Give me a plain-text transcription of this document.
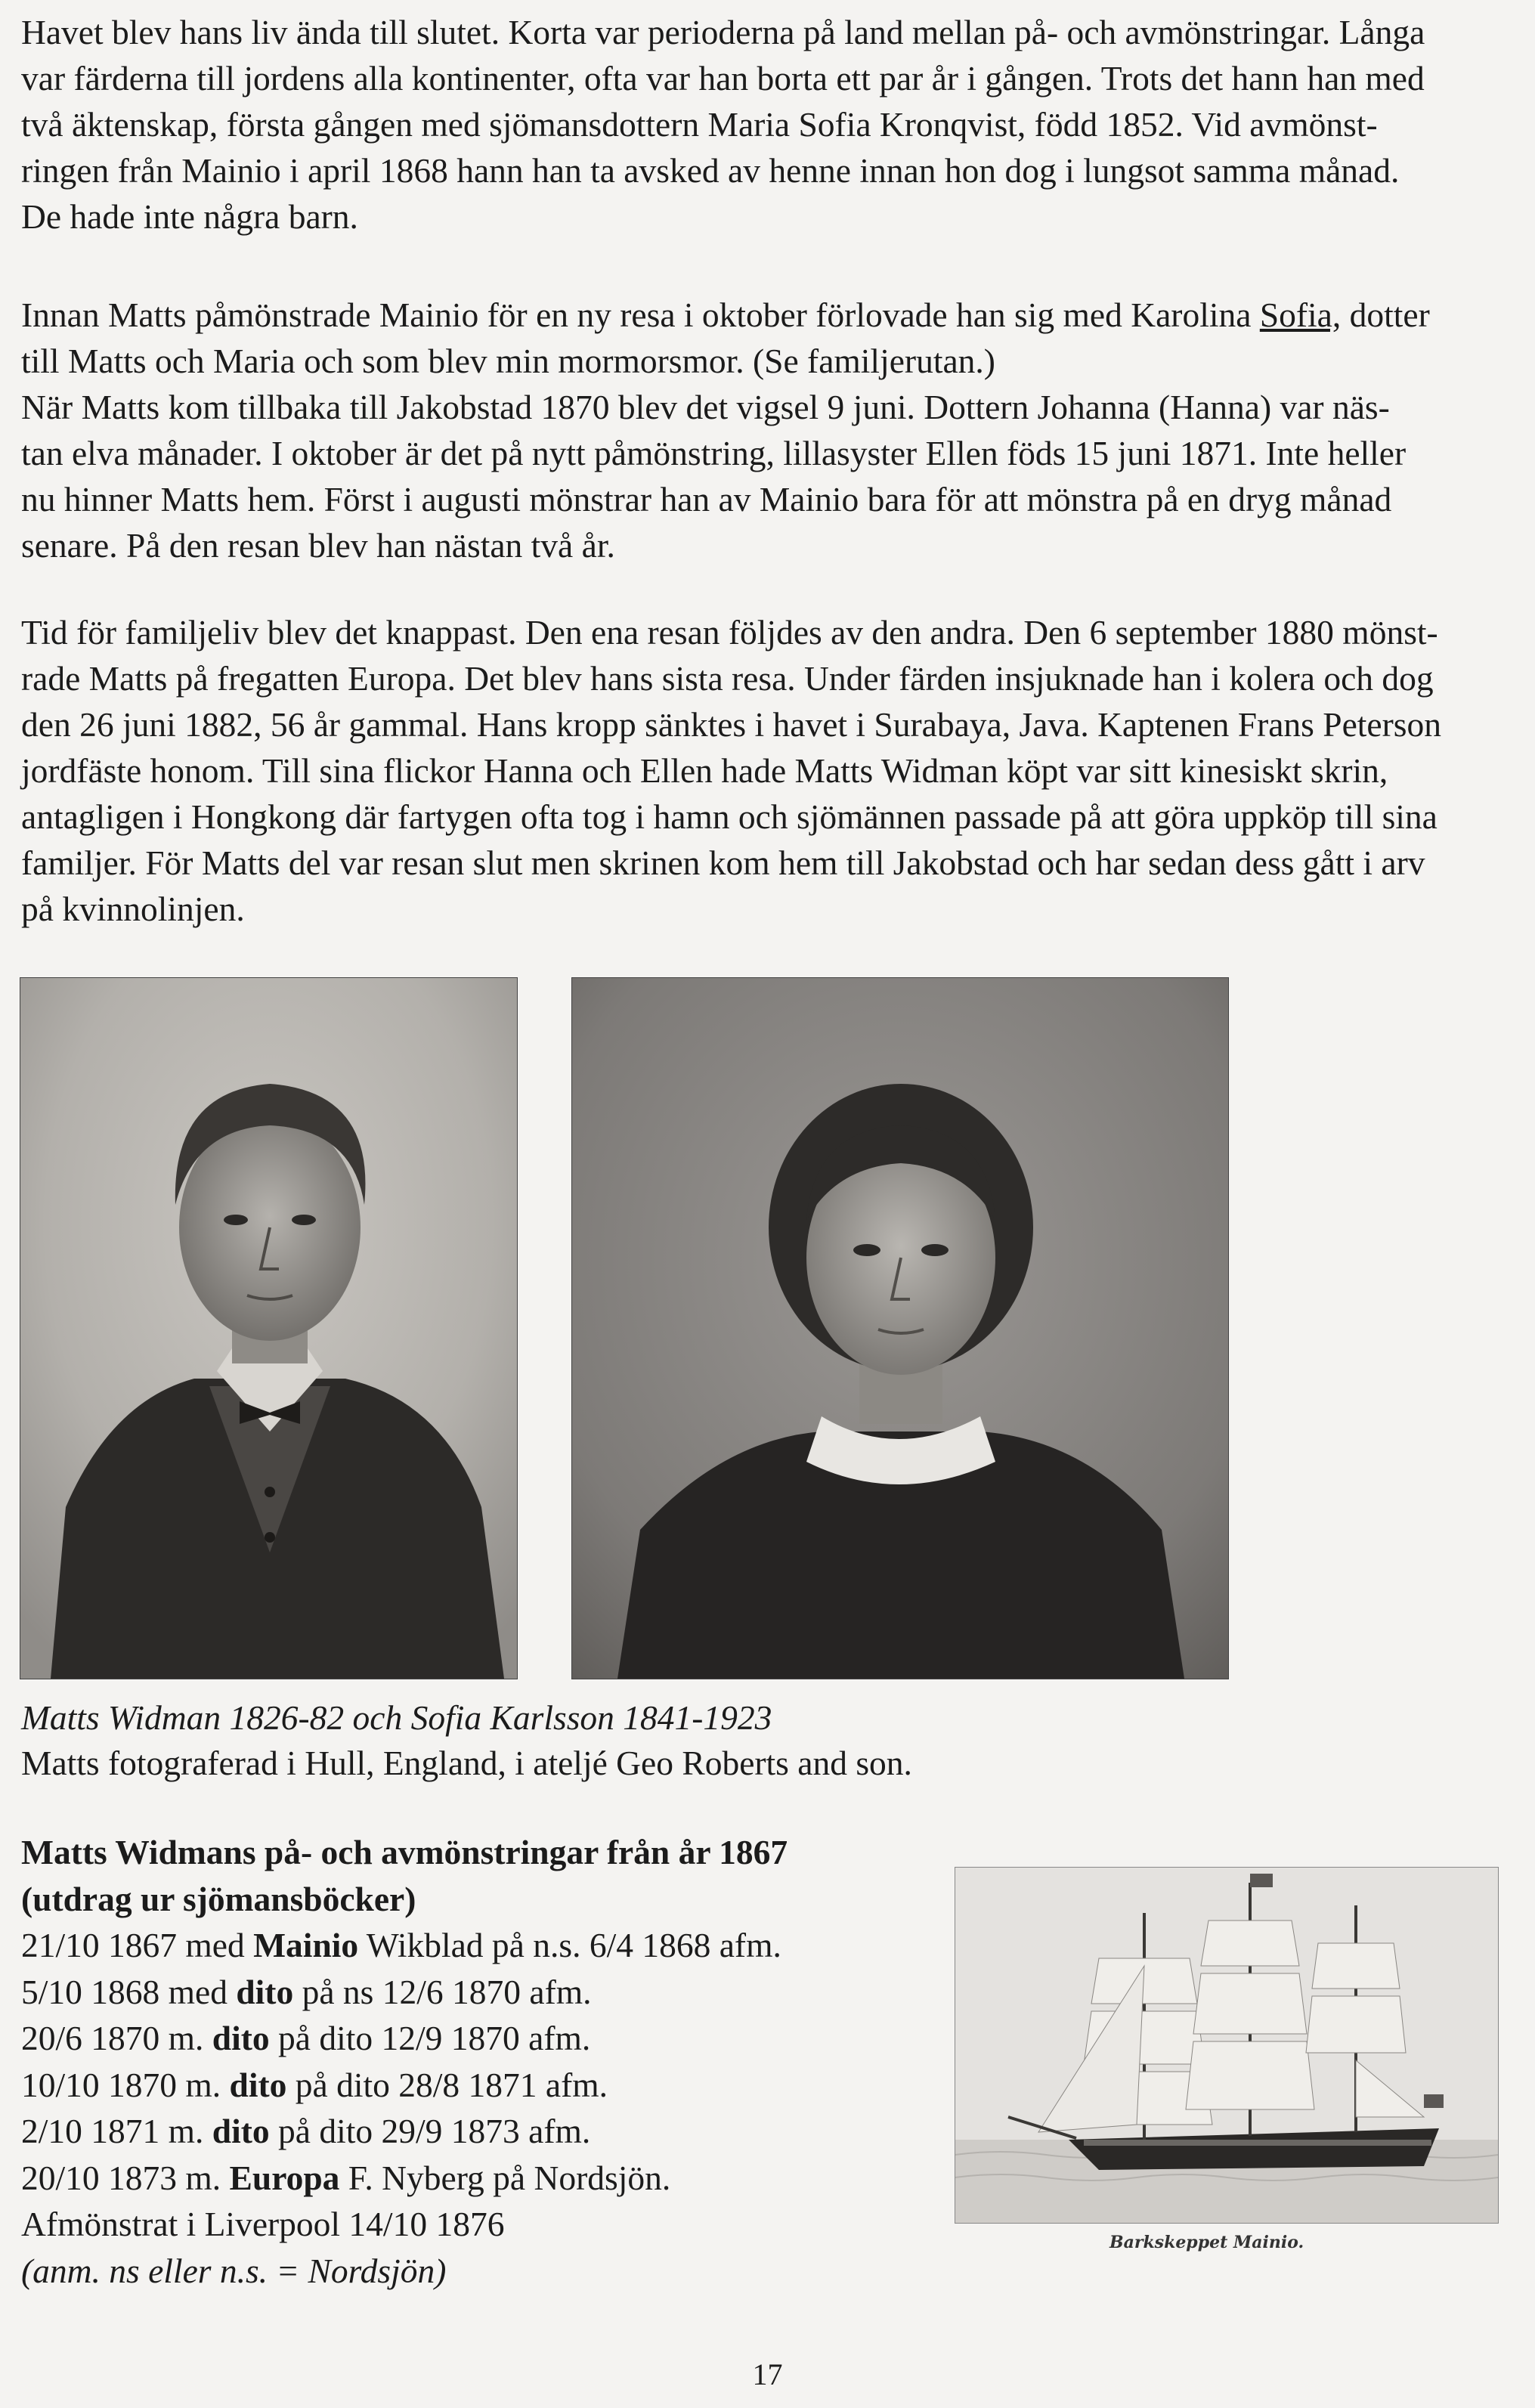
Havet blev hans liv ända till slutet. Korta var perioderna på land mellan på- och avmönstringar. Långa

var färderna till jordens alla kontinenter, ofta var han borta ett par år i gången. Trots det hann han med

två äktenskap, första gången med sjömansdottern Maria Sofia Kronqvist, född 1852. Vid avmönst-

ringen från Mainio i april 1868 hann han ta avsked av henne innan hon dog i lungsot samma månad.

De hade inte några barn.

Innan Matts påmönstrade Mainio för en ny resa i oktober förlovade han sig med Karolina Sofia, dotter

till Matts och Maria och som blev min mormorsmor. (Se familjerutan.)

När Matts kom tillbaka till Jakobstad 1870 blev det vigsel 9 juni. Dottern Johanna (Hanna) var näs-

tan elva månader. I oktober är det på nytt påmönstring, lillasyster Ellen föds 15 juni 1871. Inte heller

nu hinner Matts hem. Först i augusti mönstrar han av Mainio bara för att mönstra på en dryg månad

senare. På den resan blev han nästan två år.

Tid för familjeliv blev det knappast. Den ena resan följdes av den andra. Den 6 september 1880 mönst-

rade Matts på fregatten Europa. Det blev hans sista resa. Under färden insjuknade han i kolera och dog

den 26 juni 1882, 56 år gammal. Hans kropp sänktes i havet i Surabaya, Java. Kaptenen Frans Peterson

jordfäste honom. Till sina flickor Hanna och Ellen hade Matts Widman köpt var sitt kinesiskt skrin,

antagligen i Hongkong där fartygen ofta tog i hamn och sjömännen passade på att göra uppköp till sina

familjer. För Matts del var resan slut men skrinen kom hem till Jakobstad och har sedan dess gått i arv

på kvinnolinjen.

Matts Widman 1826-82 och Sofia Karlsson 1841-1923
Matts fotograferad i Hull, England, i ateljé Geo Roberts and son.
Matts Widmans på- och avmönstringar från år 1867
(utdrag ur sjömansböcker)
21/10 1867 med Mainio Wikblad på n.s. 6/4 1868 afm.
5/10 1868 med dito på ns 12/6 1870 afm.
20/6 1870 m. dito på dito 12/9 1870 afm.
10/10 1870 m. dito på dito 28/8 1871 afm.
2/10 1871 m. dito på dito 29/9 1873 afm.
20/10 1873 m. Europa F. Nyberg på Nordsjön.
Afmönstrat i Liverpool 14/10 1876
(anm. ns eller n.s. = Nordsjön)
Barkskeppet Mainio.
17
